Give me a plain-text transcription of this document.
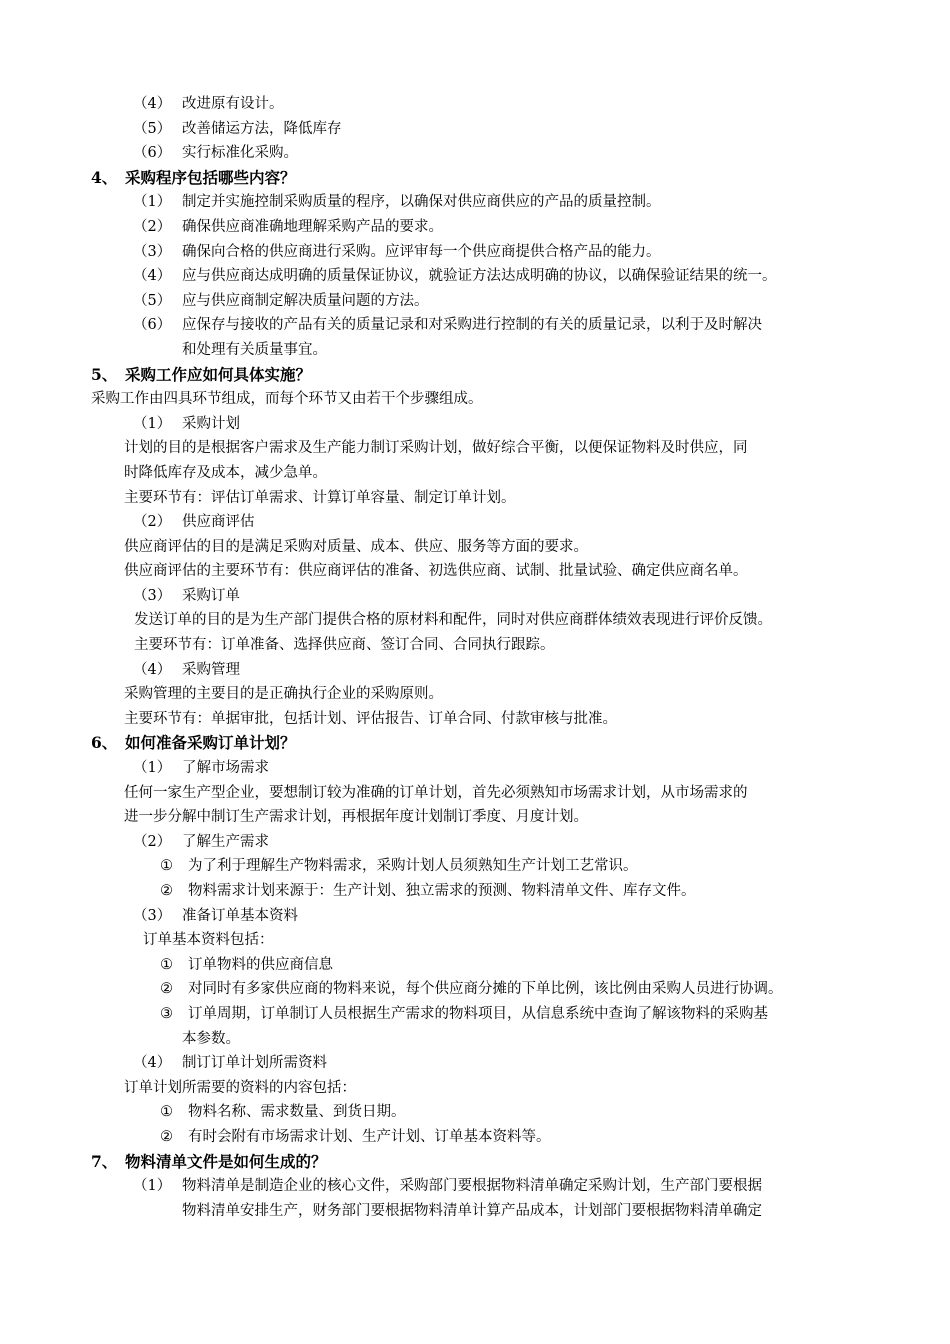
（4） 改进原有设计。
（5） 改善储运方法，降低库存
（6） 实行标准化采购。
4、 采购程序包括哪些内容？
（1） 制定并实施控制采购质量的程序，以确保对供应商供应的产品的质量控制。
（2） 确保供应商准确地理解采购产品的要求。
（3） 确保向合格的供应商进行采购。应评审每一个供应商提供合格产品的能力。
（4） 应与供应商达成明确的质量保证协议，就验证方法达成明确的协议，以确保验证结果的统一。
（5） 应与供应商制定解决质量问题的方法。
（6） 应保存与接收的产品有关的质量记录和对采购进行控制的有关的质量记录，以利于及时解决
和处理有关质量事宜。
5、 采购工作应如何具体实施？
采购工作由四具环节组成，而每个环节又由若干个步骤组成。
（1） 采购计划
计划的目的是根据客户需求及生产能力制订采购计划，做好综合平衡，以便保证物料及时供应，同
时降低库存及成本，减少急单。
主要环节有：评估订单需求、计算订单容量、制定订单计划。
（2） 供应商评估
供应商评估的目的是满足采购对质量、成本、供应、服务等方面的要求。
供应商评估的主要环节有：供应商评估的准备、初选供应商、试制、批量试验、确定供应商名单。
（3） 采购订单
发送订单的目的是为生产部门提供合格的原材料和配件，同时对供应商群体绩效表现进行评价反馈。
主要环节有：订单准备、选择供应商、签订合同、合同执行跟踪。
（4） 采购管理
采购管理的主要目的是正确执行企业的采购原则。
主要环节有：单据审批，包括计划、评估报告、订单合同、付款审核与批准。
6、 如何准备采购订单计划？
（1） 了解市场需求
任何一家生产型企业，要想制订较为准确的订单计划，首先必须熟知市场需求计划，从市场需求的
进一步分解中制订生产需求计划，再根据年度计划制订季度、月度计划。
（2） 了解生产需求
① 为了利于理解生产物料需求，采购计划人员须熟知生产计划工艺常识。
② 物料需求计划来源于：生产计划、独立需求的预测、物料清单文件、库存文件。
（3） 准备订单基本资料
订单基本资料包括：
① 订单物料的供应商信息
② 对同时有多家供应商的物料来说，每个供应商分摊的下单比例，该比例由采购人员进行协调。
③ 订单周期，订单制订人员根据生产需求的物料项目，从信息系统中查询了解该物料的采购基
本参数。
（4） 制订订单计划所需资料
订单计划所需要的资料的内容包括：
① 物料名称、需求数量、到货日期。
② 有时会附有市场需求计划、生产计划、订单基本资料等。
7、 物料清单文件是如何生成的？
（1） 物料清单是制造企业的核心文件，采购部门要根据物料清单确定采购计划，生产部门要根据
物料清单安排生产，财务部门要根据物料清单计算产品成本，计划部门要根据物料清单确定
